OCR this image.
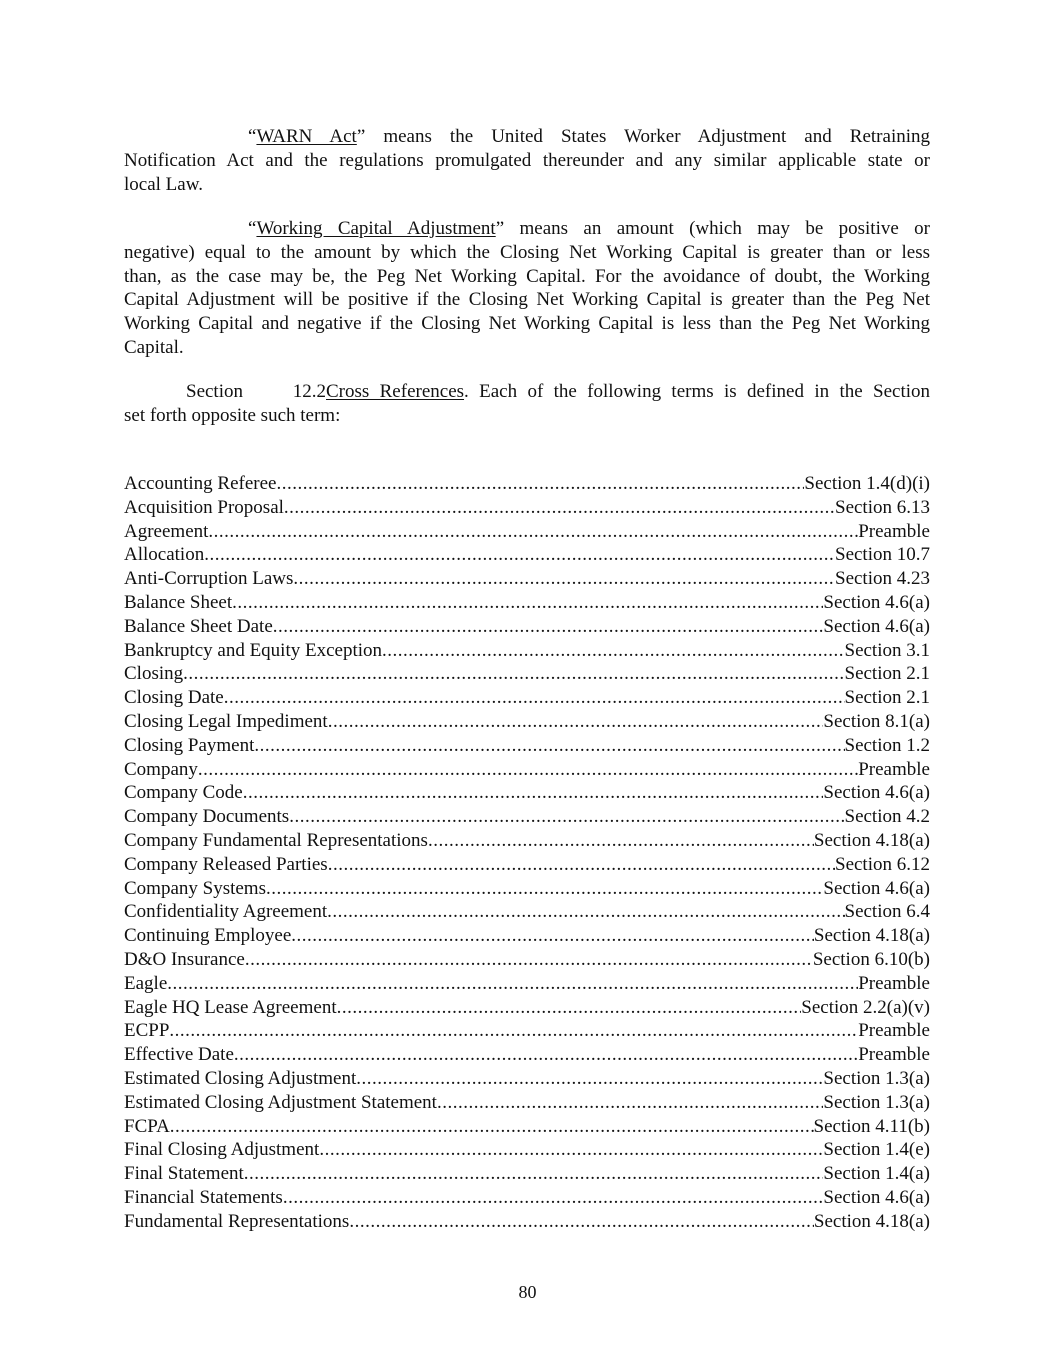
“WARN Act” means the United States Worker Adjustment and Retraining
Notification Act and the regulations promulgated thereunder and any similar applicable state or
local Law.
“Working Capital Adjustment” means an amount (which may be positive or
negative) equal to the amount by which the Closing Net Working Capital is greater than or less
than, as the case may be, the Peg Net Working Capital. For the avoidance of doubt, the Working
Capital Adjustment will be positive if the Closing Net Working Capital is greater than the Peg Net
Working Capital and negative if the Closing Net Working Capital is less than the Peg Net Working
Capital.
Section 12.2Cross References. Each of the following terms is defined in the Section
set forth opposite such term:
Accounting Referee .....	Section 1.4(d)(i)
Acquisition Proposal .....	Section 6.13
Agreement .....	Preamble
Allocation .....	Section 10.7
Anti-Corruption Laws .....	Section 4.23
Balance Sheet .....	Section 4.6(a)
Balance Sheet Date .....	Section 4.6(a)
Bankruptcy and Equity Exception .....	Section 3.1
Closing .....	Section 2.1
Closing Date .....	Section 2.1
Closing Legal Impediment .....	Section 8.1(a)
Closing Payment .....	Section 1.2
Company .....	Preamble
Company Code .....	Section 4.6(a)
Company Documents .....	Section 4.2
Company Fundamental Representations .....	Section 4.18(a)
Company Released Parties .....	Section 6.12
Company Systems .....	Section 4.6(a)
Confidentiality Agreement .....	Section 6.4
Continuing Employee .....	Section 4.18(a)
D&O Insurance .....	Section 6.10(b)
Eagle .....	Preamble
Eagle HQ Lease Agreement .....	Section 2.2(a)(v)
ECPP .....	Preamble
Effective Date .....	Preamble
Estimated Closing Adjustment .....	Section 1.3(a)
Estimated Closing Adjustment Statement .....	Section 1.3(a)
FCPA .....	Section 4.11(b)
Final Closing Adjustment .....	Section 1.4(e)
Final Statement .....	Section 1.4(a)
Financial Statements .....	Section 4.6(a)
Fundamental Representations .....	Section 4.18(a)
80
